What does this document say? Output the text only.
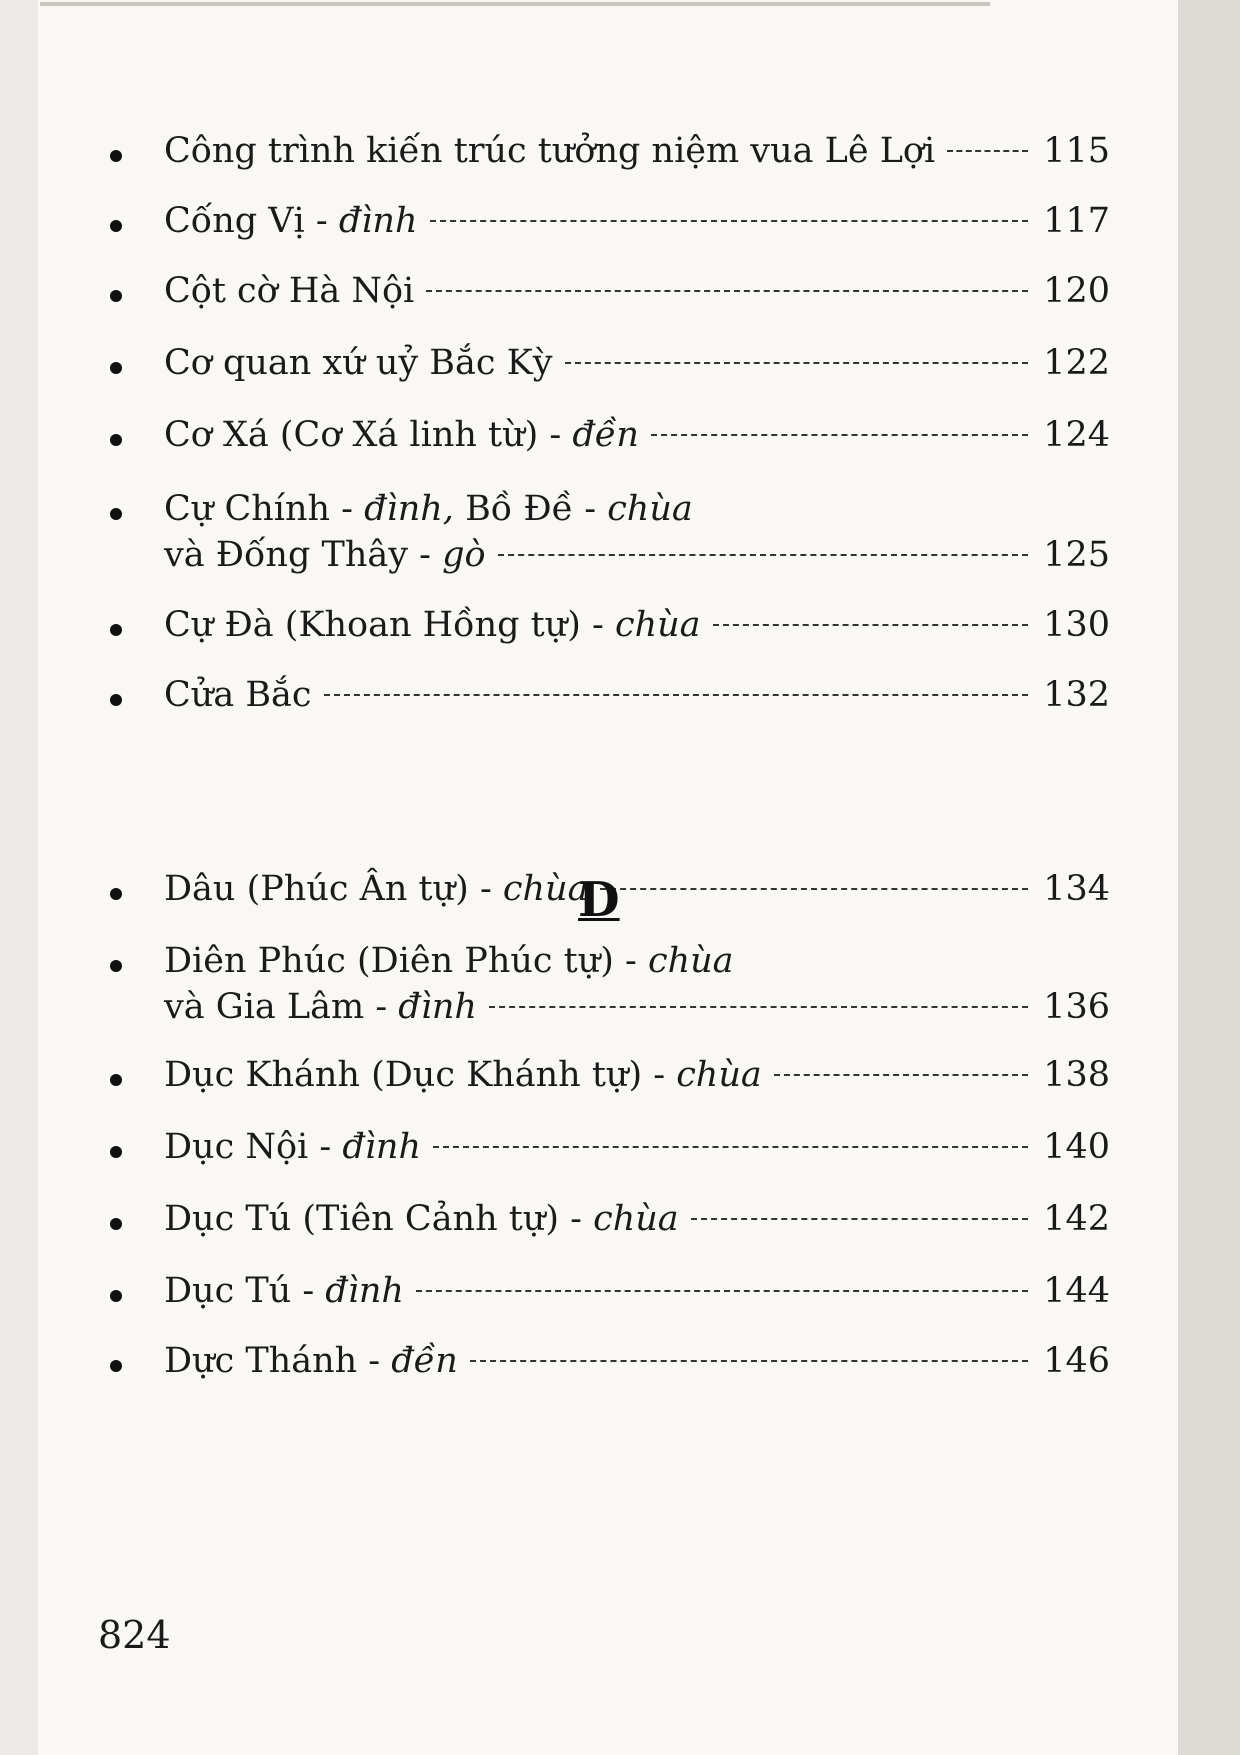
Công trình kiến trúc tưởng niệm vua Lê Lợi	115
Cống Vị - đình	117
Cột cờ Hà Nội	120
Cơ quan xứ uỷ Bắc Kỳ	122
Cơ Xá (Cơ Xá linh từ) - đền	124
Cự Chính - đình, Bồ Đề - chùa
và Đống Thây - gò	125
Cự Đà (Khoan Hồng tự) - chùa	130
Cửa Bắc	132
Dâu (Phúc Ân tự) - chùa	134
Diên Phúc (Diên Phúc tự) - chùa
và Gia Lâm - đình	136
Dục Khánh (Dục Khánh tự) - chùa	138
Dục Nội - đình	140
Dục Tú (Tiên Cảnh tự) - chùa	142
Dục Tú - đình	144
Dực Thánh - đền	146
D
824
